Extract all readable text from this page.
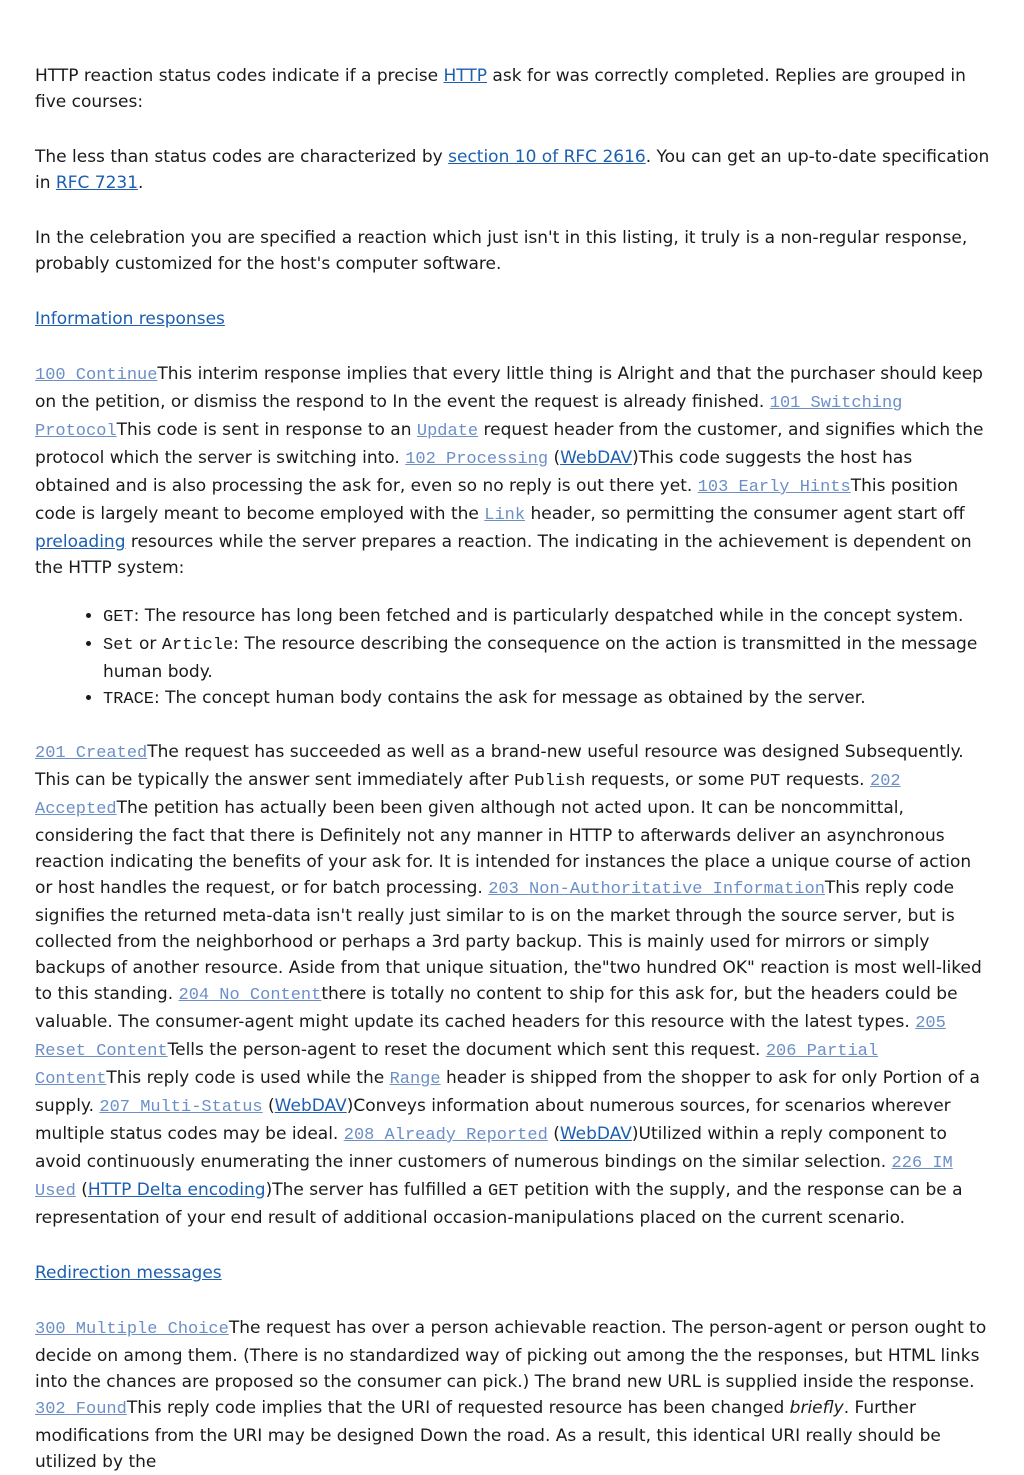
HTTP reaction status codes indicate if a precise HTTP ask for was correctly completed. Replies are grouped in five courses:

The less than status codes are characterized by section 10 of RFC 2616. You can get an up-to-date specification in RFC 7231.

In the celebration you are specified a reaction which just isn't in this listing, it truly is a non-regular response, probably customized for the host's computer software.

Information responses

100 ContinueThis interim response implies that every little thing is Alright and that the purchaser should keep on the petition, or dismiss the respond to In the event the request is already finished. 101 Switching ProtocolThis code is sent in response to an Update request header from the customer, and signifies which the protocol which the server is switching into. 102 Processing (WebDAV)This code suggests the host has obtained and is also processing the ask for, even so no reply is out there yet. 103 Early HintsThis position code is largely meant to become employed with the Link header, so permitting the consumer agent start off preloading resources while the server prepares a reaction. The indicating in the achievement is dependent on the HTTP system:

• GET: The resource has long been fetched and is particularly despatched while in the concept system.
• Set or Article: The resource describing the consequence on the action is transmitted in the message human body.
• TRACE: The concept human body contains the ask for message as obtained by the server.

201 CreatedThe request has succeeded as well as a brand-new useful resource was designed Subsequently. This can be typically the answer sent immediately after Publish requests, or some PUT requests. 202 AcceptedThe petition has actually been been given although not acted upon. It can be noncommittal, considering the fact that there is Definitely not any manner in HTTP to afterwards deliver an asynchronous reaction indicating the benefits of your ask for. It is intended for instances the place a unique course of action or host handles the request, or for batch processing. 203 Non-Authoritative InformationThis reply code signifies the returned meta-data isn't really just similar to is on the market through the source server, but is collected from the neighborhood or perhaps a 3rd party backup. This is mainly used for mirrors or simply backups of another resource. Aside from that unique situation, the"two hundred OK" reaction is most well-liked to this standing. 204 No Contentthere is totally no content to ship for this ask for, but the headers could be valuable. The consumer-agent might update its cached headers for this resource with the latest types. 205 Reset ContentTells the person-agent to reset the document which sent this request. 206 Partial ContentThis reply code is used while the Range header is shipped from the shopper to ask for only Portion of a supply. 207 Multi-Status (WebDAV)Conveys information about numerous sources, for scenarios wherever multiple status codes may be ideal. 208 Already Reported (WebDAV)Utilized within a reply component to avoid continuously enumerating the inner customers of numerous bindings on the similar selection. 226 IM Used (HTTP Delta encoding)The server has fulfilled a GET petition with the supply, and the response can be a representation of your end result of additional occasion-manipulations placed on the current scenario.

Redirection messages

300 Multiple ChoiceThe request has over a person achievable reaction. The person-agent or person ought to decide on among them. (There is no standardized way of picking out among the the responses, but HTML links into the chances are proposed so the consumer can pick.) The brand new URL is supplied inside the response. 302 FoundThis reply code implies that the URI of requested resource has been changed briefly. Further modifications from the URI may be designed Down the road. As a result, this identical URI really should be utilized by the
